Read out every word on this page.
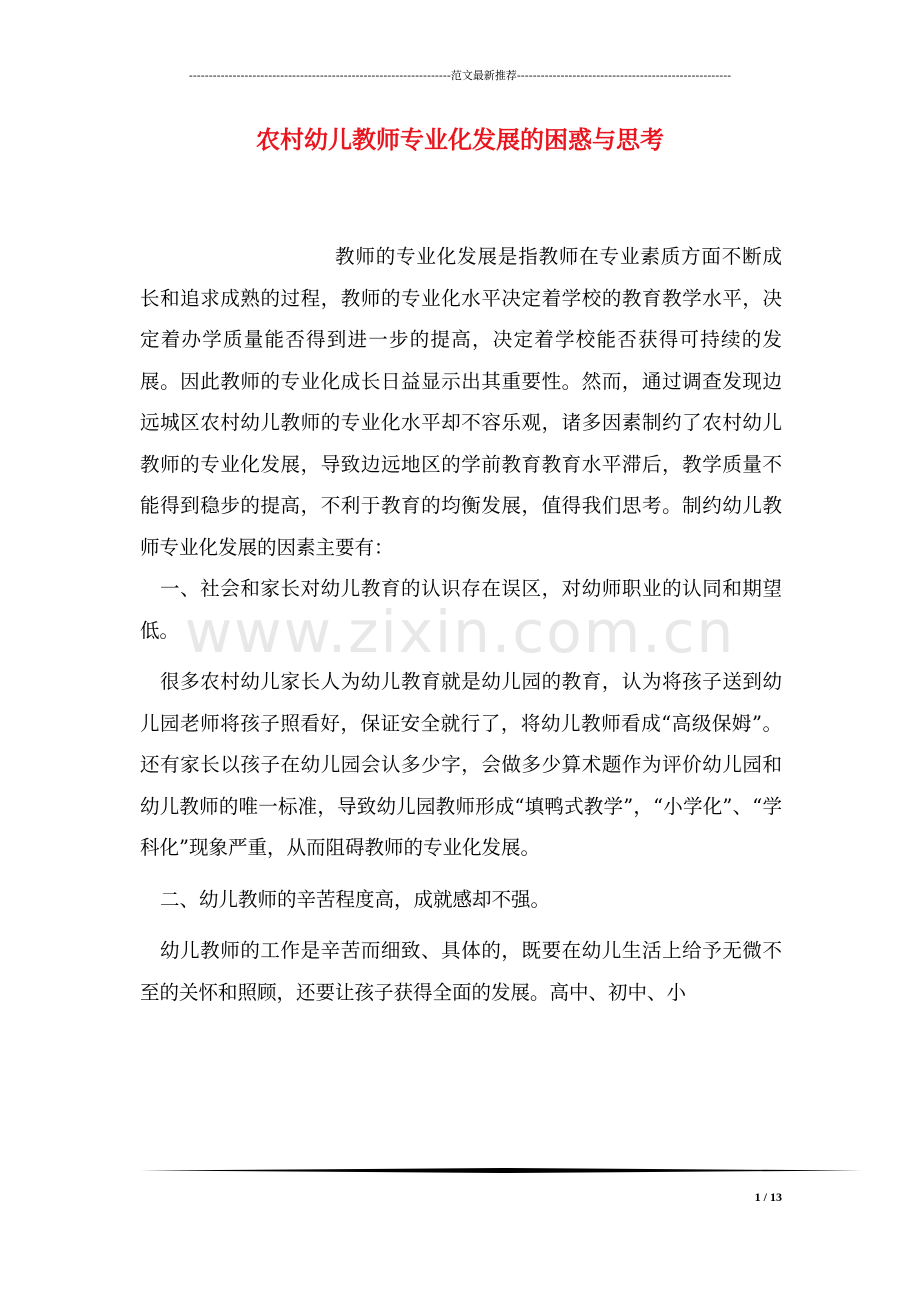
------------------------------------------------------------------范文最新推荐------------------------------------------------------
www.zixin.com.cn
农村幼儿教师专业化发展的困惑与思考

教师的专业化发展是指教师在专业素质方面不断成长和追求成熟的过程，教师的专业化水平决定着学校的教育教学水平，决定着办学质量能否得到进一步的提高，决定着学校能否获得可持续的发展。因此教师的专业化成长日益显示出其重要性。然而，通过调查发现边远城区农村幼儿教师的专业化水平却不容乐观，诸多因素制约了农村幼儿教师的专业化发展，导致边远地区的学前教育教育水平滞后，教学质量不能得到稳步的提高，不利于教育的均衡发展，值得我们思考。制约幼儿教师专业化发展的因素主要有：

一、社会和家长对幼儿教育的认识存在误区，对幼师职业的认同和期望低。

很多农村幼儿家长人为幼儿教育就是幼儿园的教育，认为将孩子送到幼儿园老师将孩子照看好，保证安全就行了，将幼儿教师看成“高级保姆”。还有家长以孩子在幼儿园会认多少字，会做多少算术题作为评价幼儿园和幼儿教师的唯一标准，导致幼儿园教师形成“填鸭式教学”，“小学化”、“学科化”现象严重，从而阻碍教师的专业化发展。

二、幼儿教师的辛苦程度高，成就感却不强。

幼儿教师的工作是辛苦而细致、具体的，既要在幼儿生活上给予无微不至的关怀和照顾，还要让孩子获得全面的发展。高中、初中、小

1 / 13
